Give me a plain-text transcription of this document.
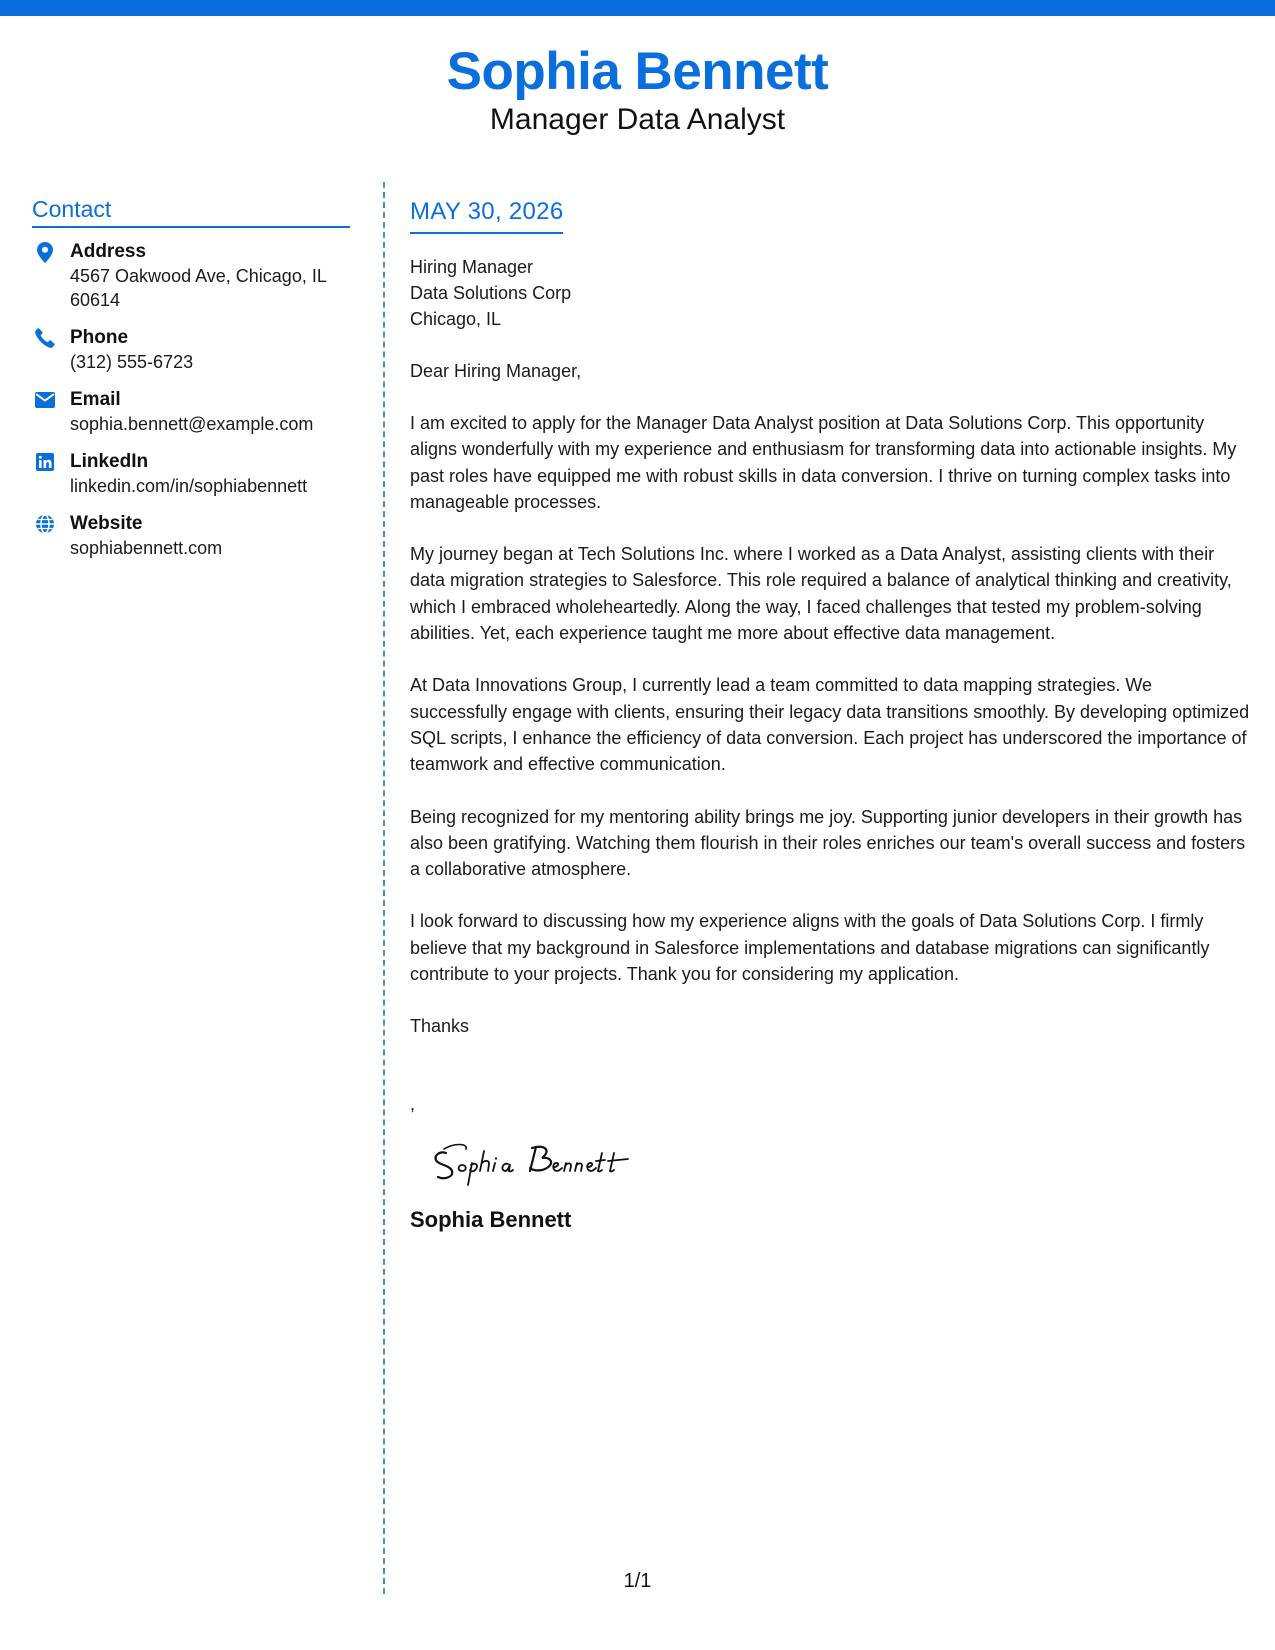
Sophia Bennett
Manager Data Analyst
Contact
Address
4567 Oakwood Ave, Chicago, IL 60614
Phone
(312) 555-6723
Email
sophia.bennett@example.com
LinkedIn
linkedin.com/in/sophiabennett
Website
sophiabennett.com
MAY 30, 2026
Hiring Manager
Data Solutions Corp
Chicago, IL
Dear Hiring Manager,
I am excited to apply for the Manager Data Analyst position at Data Solutions Corp. This opportunity aligns wonderfully with my experience and enthusiasm for transforming data into actionable insights. My past roles have equipped me with robust skills in data conversion. I thrive on turning complex tasks into manageable processes.
My journey began at Tech Solutions Inc. where I worked as a Data Analyst, assisting clients with their data migration strategies to Salesforce. This role required a balance of analytical thinking and creativity, which I embraced wholeheartedly. Along the way, I faced challenges that tested my problem-solving abilities. Yet, each experience taught me more about effective data management.
At Data Innovations Group, I currently lead a team committed to data mapping strategies. We successfully engage with clients, ensuring their legacy data transitions smoothly. By developing optimized SQL scripts, I enhance the efficiency of data conversion. Each project has underscored the importance of teamwork and effective communication.
Being recognized for my mentoring ability brings me joy. Supporting junior developers in their growth has also been gratifying. Watching them flourish in their roles enriches our team's overall success and fosters a collaborative atmosphere.
I look forward to discussing how my experience aligns with the goals of Data Solutions Corp. I firmly believe that my background in Salesforce implementations and database migrations can significantly contribute to your projects. Thank you for considering my application.
Thanks
,
Sophia Bennett
1/1
